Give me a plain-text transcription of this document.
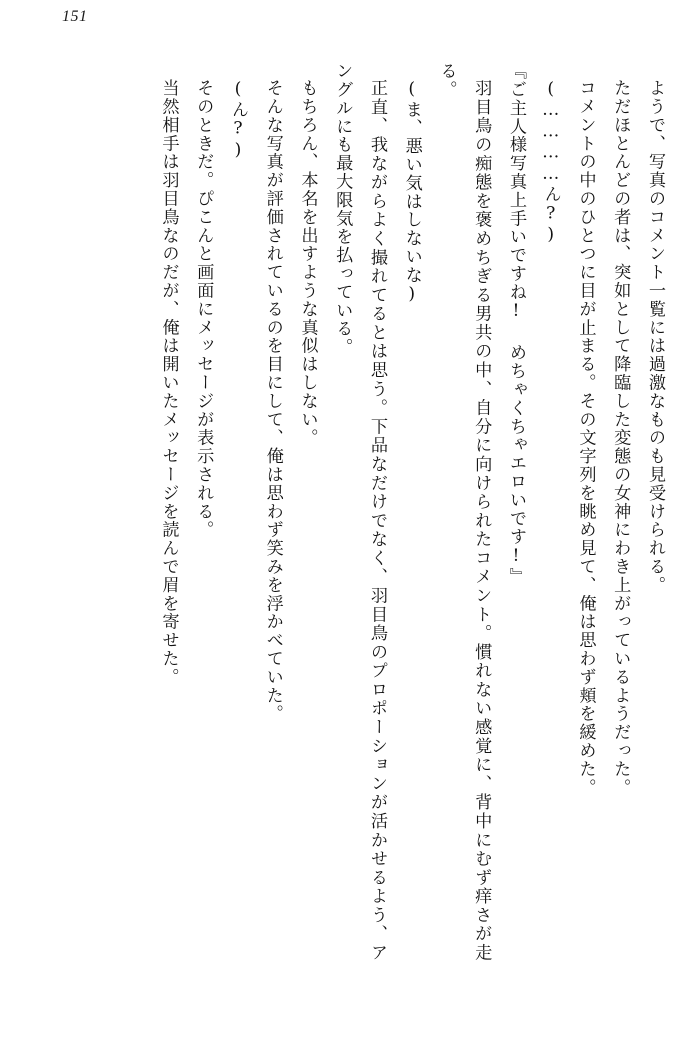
151

ようで、写真のコメント一覧には過激なものも見受けられる。

ただほとんどの者は、突如として降臨した変態の女神にわき上がっているようだった。

コメントの中のひとつに目が止まる。その文字列を眺め見て、俺は思わず頬を緩めた。

(…………ん?)

『ご主人様写真上手いですね! めちゃくちゃエロいです!』

羽目鳥の痴態を褒めちぎる男共の中、自分に向けられたコメント。慣れない感覚に、背中にむず痒さが走る。

(ま、悪い気はしないな)

正直、我ながらよく撮れてるとは思う。下品なだけでなく、羽目鳥のプロポーションが活かせるよう、アングルにも最大限気を払っている。

もちろん、本名を出すような真似はしない。

そんな写真が評価されているのを目にして、俺は思わず笑みを浮かべていた。

(ん?)

そのときだ。ぴこんと画面にメッセージが表示される。

当然相手は羽目鳥なのだが、俺は開いたメッセージを読んで眉を寄せた。
